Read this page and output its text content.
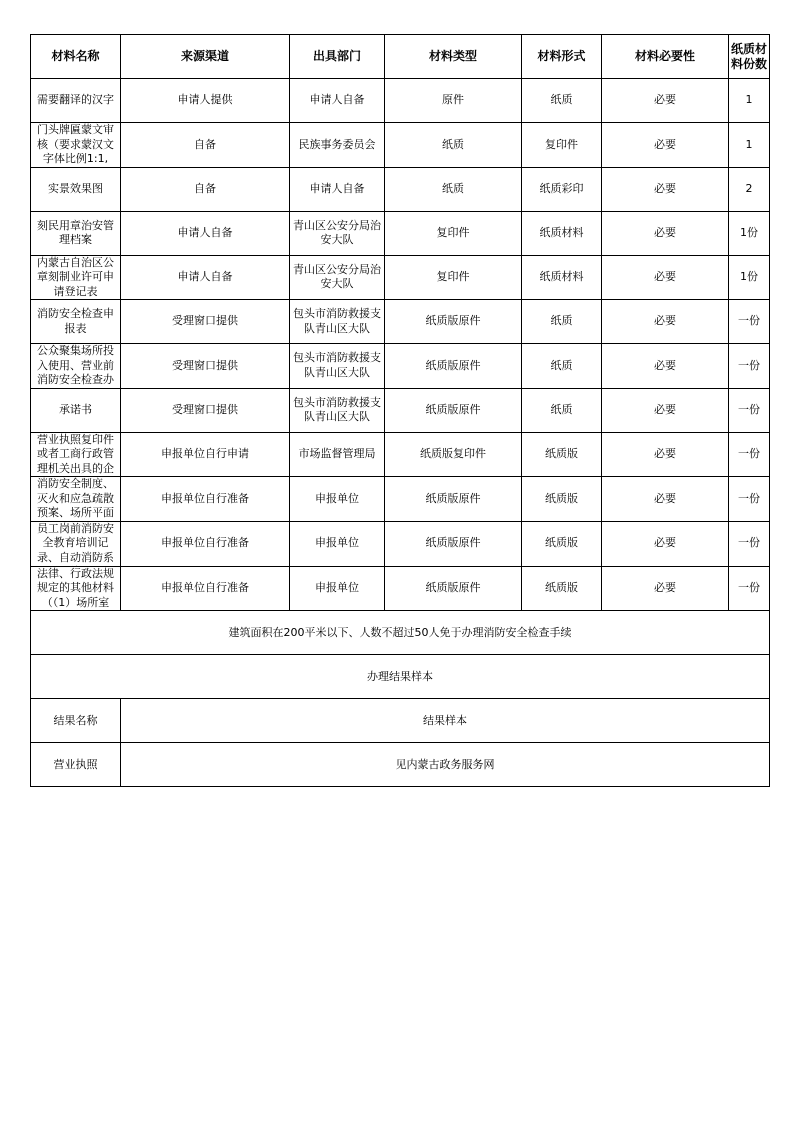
材料名称	来源渠道	出具部门	材料类型	材料形式	材料必要性	纸质材料份数

需要翻译的汉字	申请人提供	申请人自备	原件	纸质	必要	1

门头牌匾蒙文审核（要求蒙汉文字体比例1:1,	自备	民族事务委员会	纸质	复印件	必要	1

实景效果图	自备	申请人自备	纸质	纸质彩印	必要	2

刻民用章治安管理档案	申请人自备	青山区公安分局治安大队	复印件	纸质材料	必要	1份

内蒙古自治区公章刻制业许可申请登记表	申请人自备	青山区公安分局治安大队	复印件	纸质材料	必要	1份

消防安全检查申报表	受理窗口提供	包头市消防救援支队青山区大队	纸质版原件	纸质	必要	一份

公众聚集场所投入使用、营业前消防安全检查办	受理窗口提供	包头市消防救援支队青山区大队	纸质版原件	纸质	必要	一份

承诺书	受理窗口提供	包头市消防救援支队青山区大队	纸质版原件	纸质	必要	一份

营业执照复印件或者工商行政管理机关出具的企	申报单位自行申请	市场监督管理局	纸质版复印件	纸质版	必要	一份

消防安全制度、灭火和应急疏散预案、场所平面	申报单位自行准备	申报单位	纸质版原件	纸质版	必要	一份

员工岗前消防安全教育培训记录、自动消防系	申报单位自行准备	申报单位	纸质版原件	纸质版	必要	一份

法律、行政法规规定的其他材料（（1）场所室	申报单位自行准备	申报单位	纸质版原件	纸质版	必要	一份

建筑面积在200平米以下、人数不超过50人免于办理消防安全检查手续						
办理结果样本						
结果名称	结果样本					
营业执照	见内蒙古政务服务网					
